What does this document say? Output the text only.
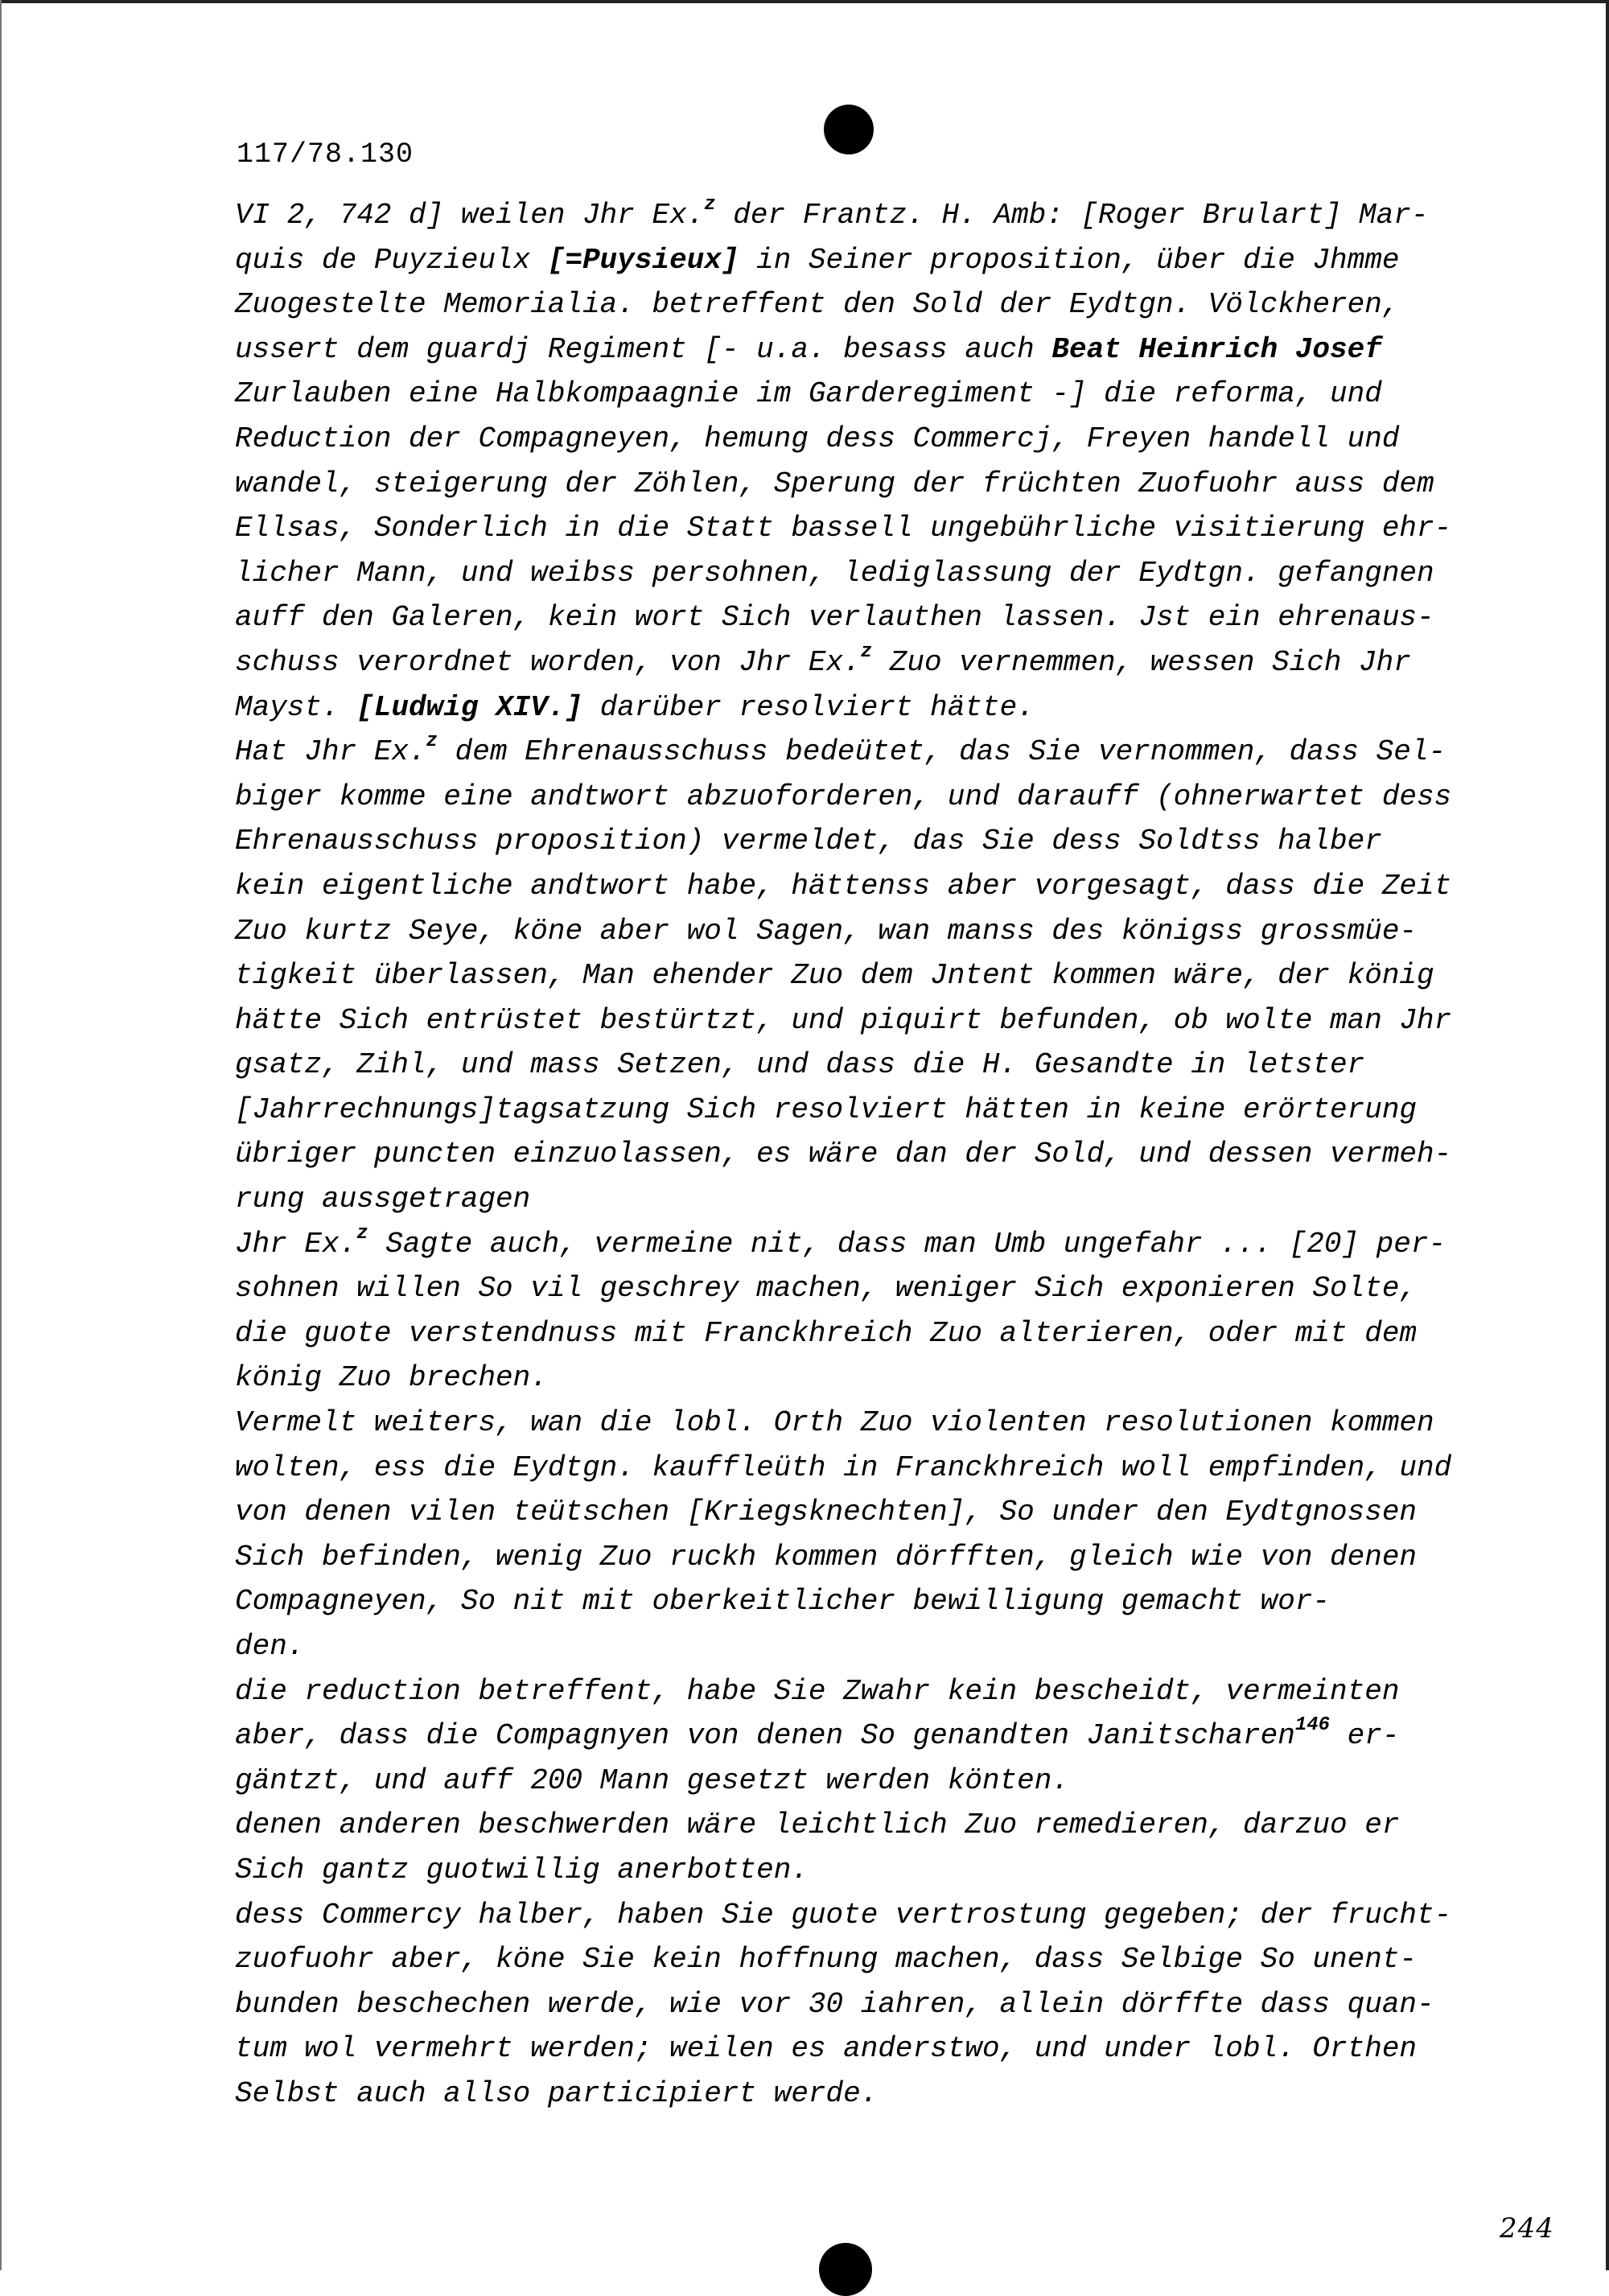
117/78.130
VI 2, 742 d] weilen Jhr Ex.$^z$ der Frantz. H. Amb: [Roger Brulart] Mar-
quis de Puyzieulx [=Puysieux] in Seiner proposition, über die Jhmme
Zuogestelte Memorialia. betreffent den Sold der Eydtgn. Völckheren,
ussert dem guardj Regiment [- u.a. besass auch Beat Heinrich Josef
Zurlauben eine Halbkompaagnie im Garderegiment -] die reforma, und
Reduction der Compagneyen, hemung dess Commercj, Freyen handell und
wandel, steigerung der Zöhlen, Sperung der früchten Zuofuohr auss dem
Ellsas, Sonderlich in die Statt bassell ungebührliche visitierung ehr-
licher Mann, und weibss persohnen, lediglassung der Eydtgn. gefangnen
auff den Galeren, kein wort Sich verlauthen lassen. Jst ein ehrenaus-
schuss verordnet worden, von Jhr Ex.$^z$ Zuo vernemmen, wessen Sich Jhr
Mayst. [Ludwig XIV.] darüber resolviert hätte.
Hat Jhr Ex.$^z$ dem Ehrenausschuss bedeütet, das Sie vernommen, dass Sel-
biger komme eine andtwort abzuoforderen, und darauff (ohnerwartet dess
Ehrenausschuss proposition) vermeldet, das Sie dess Soldtss halber
kein eigentliche andtwort habe, hättenss aber vorgesagt, dass die Zeit
Zuo kurtz Seye, köne aber wol Sagen, wan manss des königss grossmüe-
tigkeit überlassen, Man ehender Zuo dem Jntent kommen wäre, der könig
hätte Sich entrüstet bestürtzt, und piquirt befunden, ob wolte man Jhr
gsatz, Zihl, und mass Setzen, und dass die H. Gesandte in letster
[Jahrrechnungs]tagsatzung Sich resolviert hätten in keine erörterung
übriger puncten einzuolassen, es wäre dan der Sold, und dessen vermeh-
rung aussgetragen
Jhr Ex.$^z$ Sagte auch, vermeine nit, dass man Umb ungefahr ... [20] per-
sohnen willen So vil geschrey machen, weniger Sich exponieren Solte,
die guote verstendnuss mit Franckhreich Zuo alterieren, oder mit dem
könig Zuo brechen.
Vermelt weiters, wan die lobl. Orth Zuo violenten resolutionen kommen
wolten, ess die Eydtgn. kauffleüth in Franckhreich woll empfinden, und
von denen vilen teütschen [Kriegsknechten], So under den Eydtgnossen
Sich befinden, wenig Zuo ruckh kommen dörfften, gleich wie von denen
Compagneyen, So nit mit oberkeitlicher bewilligung gemacht wor-
den.
die reduction betreffent, habe Sie Zwahr kein bescheidt, vermeinten
aber, dass die Compagnyen von denen So genandten Janitscharen$^{146}$ er-
gäntzt, und auff 200 Mann gesetzt werden könten.
denen anderen beschwerden wäre leichtlich Zuo remedieren, darzuo er
Sich gantz guotwillig anerbotten.
dess Commercy halber, haben Sie guote vertrostung gegeben; der frucht-
zuofuohr aber, köne Sie kein hoffnung machen, dass Selbige So unent-
bunden beschechen werde, wie vor 30 iahren, allein dörffte dass quan-
tum wol vermehrt werden; weilen es anderstwo, und under lobl. Orthen
Selbst auch allso participiert werde.
244
